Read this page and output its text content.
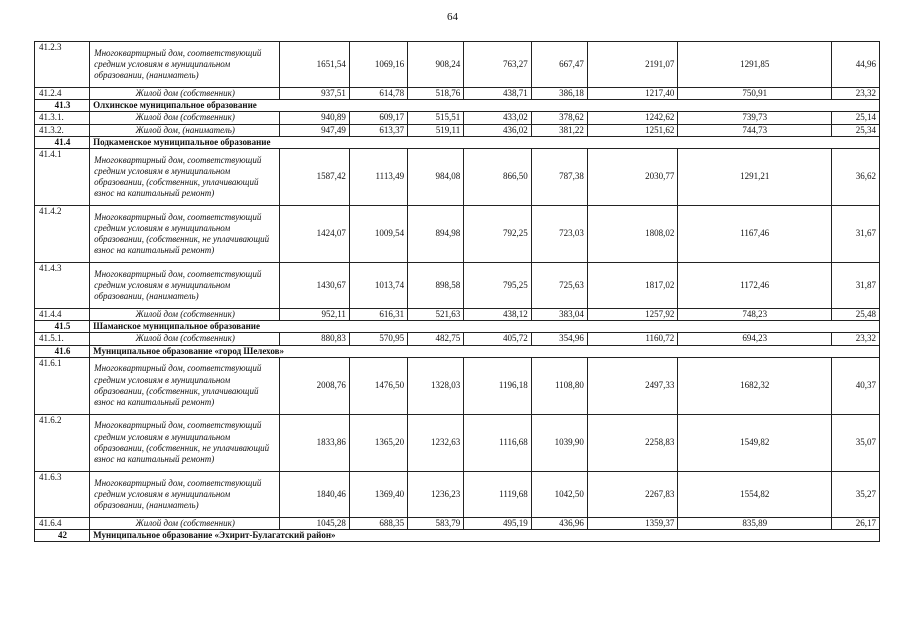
64
41.2.3	Многоквартирный дом, соответствующий средним условиям в муниципальном образовании, (наниматель)	1651,54	1069,16	908,24	763,27	667,47	2191,07	1291,85	44,96
41.2.4	Жилой дом (собственник)	937,51	614,78	518,76	438,71	386,18	1217,40	750,91	23,32
41.3	Олхинское муниципальное образование								
41.3.1.	Жилой дом (собственник)	940,89	609,17	515,51	433,02	378,62	1242,62	739,73	25,14
41.3.2.	Жилой дом, (наниматель)	947,49	613,37	519,11	436,02	381,22	1251,62	744,73	25,34
41.4	Подкаменское муниципальное образование								
41.4.1	Многоквартирный дом, соответствующий средним условиям в муниципальном образовании, (собственник, уплачивающий взнос на капитальный ремонт)	1587,42	1113,49	984,08	866,50	787,38	2030,77	1291,21	36,62
41.4.2	Многоквартирный дом, соответствующий средним условиям в муниципальном образовании, (собственник, не уплачивающий взнос на капитальный ремонт)	1424,07	1009,54	894,98	792,25	723,03	1808,02	1167,46	31,67
41.4.3	Многоквартирный дом, соответствующий средним условиям в муниципальном образовании, (наниматель)	1430,67	1013,74	898,58	795,25	725,63	1817,02	1172,46	31,87
41.4.4	Жилой дом (собственник)	952,11	616,31	521,63	438,12	383,04	1257,92	748,23	25,48
41.5	Шаманское муниципальное образование								
41.5.1.	Жилой дом (собственник)	880,83	570,95	482,75	405,72	354,96	1160,72	694,23	23,32
41.6	Муниципальное образование «город Шелехов»								
41.6.1	Многоквартирный дом, соответствующий средним условиям в муниципальном образовании, (собственник, уплачивающий взнос на капитальный ремонт)	2008,76	1476,50	1328,03	1196,18	1108,80	2497,33	1682,32	40,37
41.6.2	Многоквартирный дом, соответствующий средним условиям в муниципальном образовании, (собственник, не уплачивающий взнос на капитальный ремонт)	1833,86	1365,20	1232,63	1116,68	1039,90	2258,83	1549,82	35,07
41.6.3	Многоквартирный дом, соответствующий средним условиям в муниципальном образовании, (наниматель)	1840,46	1369,40	1236,23	1119,68	1042,50	2267,83	1554,82	35,27
41.6.4	Жилой дом (собственник)	1045,28	688,35	583,79	495,19	436,96	1359,37	835,89	26,17
42	Муниципальное образование «Эхирит-Булагатский район»								
